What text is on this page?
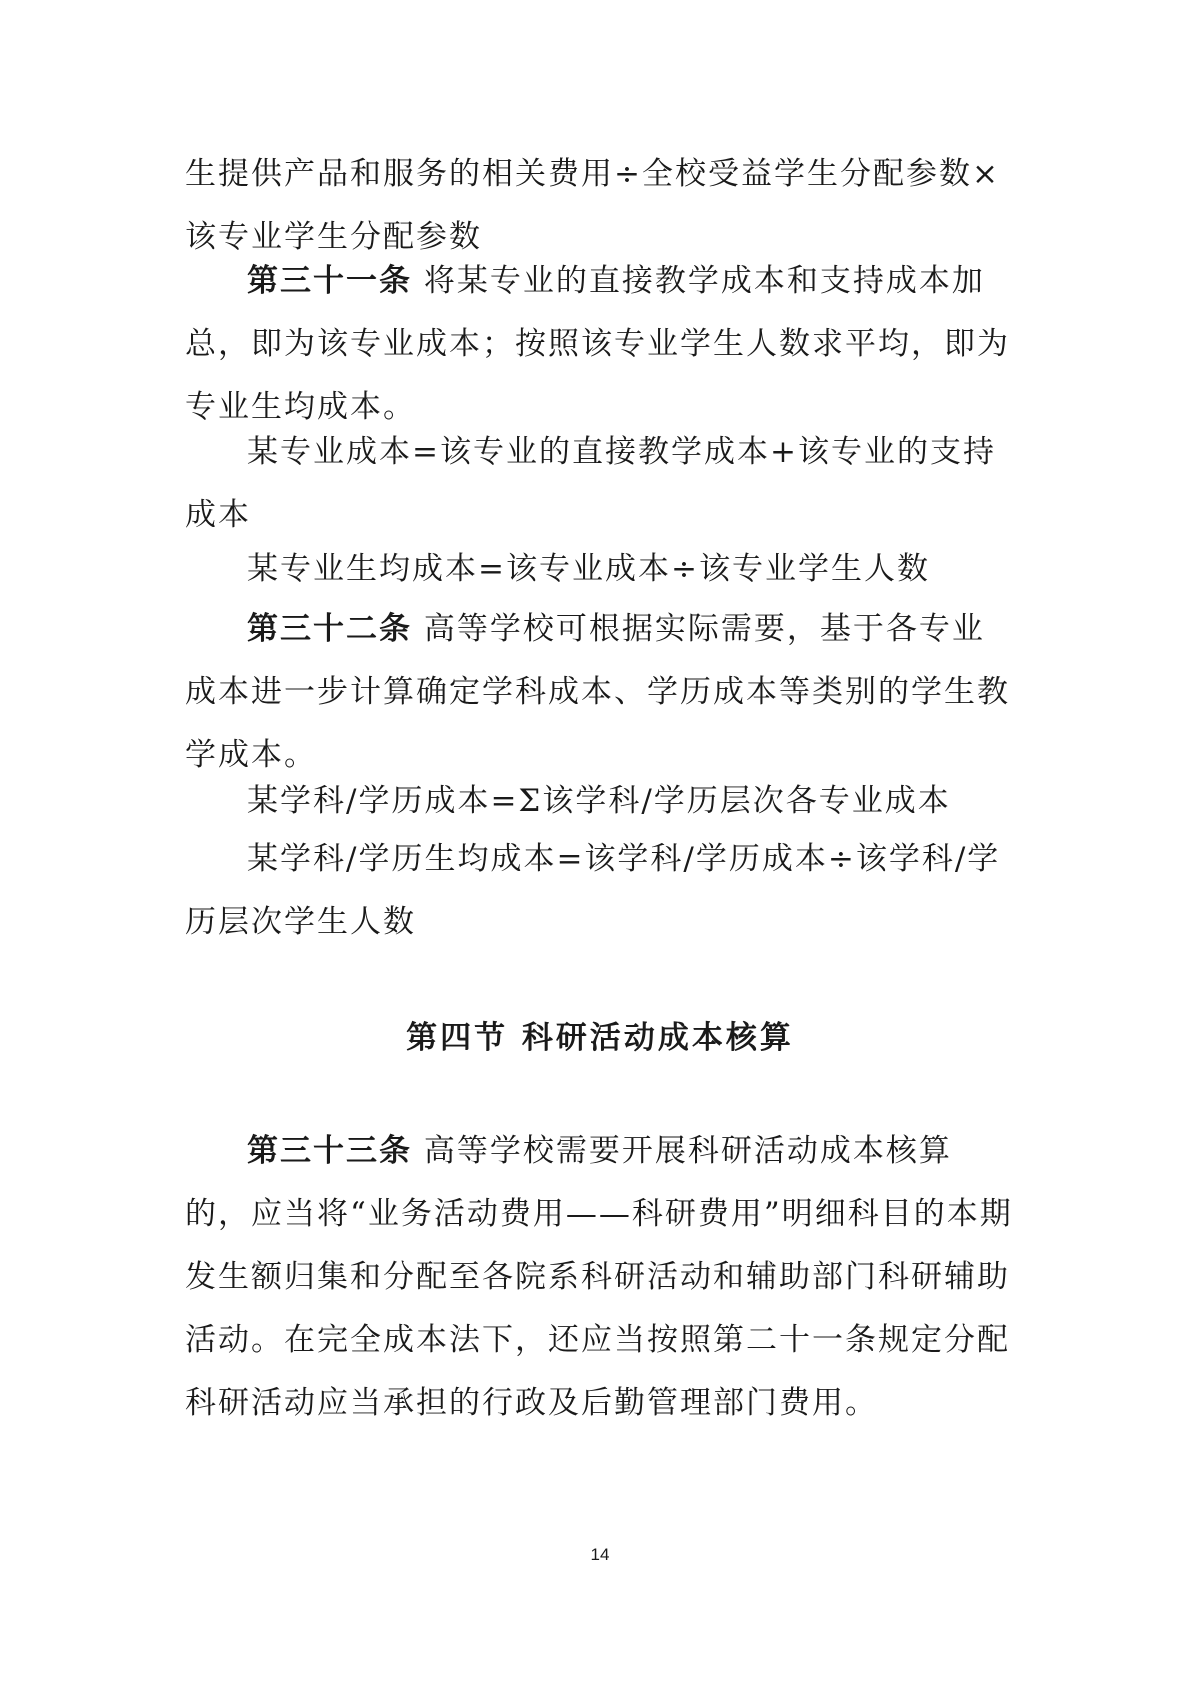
生提供产品和服务的相关费用÷全校受益学生分配参数×

该专业学生分配参数

第三十一条 将某专业的直接教学成本和支持成本加总，即为该专业成本；按照该专业学生人数求平均，即为专业生均成本。
某专业成本=该专业的直接教学成本+该专业的支持成本
某专业生均成本=该专业成本÷该专业学生人数
第三十二条 高等学校可根据实际需要，基于各专业成本进一步计算确定学科成本、学历成本等类别的学生教学成本。
某学科/学历成本=Σ该学科/学历层次各专业成本
某学科/学历生均成本=该学科/学历成本÷该学科/学历层次学生人数
第四节 科研活动成本核算
第三十三条 高等学校需要开展科研活动成本核算的，应当将“业务活动费用——科研费用”明细科目的本期发生额归集和分配至各院系科研活动和辅助部门科研辅助活动。在完全成本法下，还应当按照第二十一条规定分配科研活动应当承担的行政及后勤管理部门费用。
14
